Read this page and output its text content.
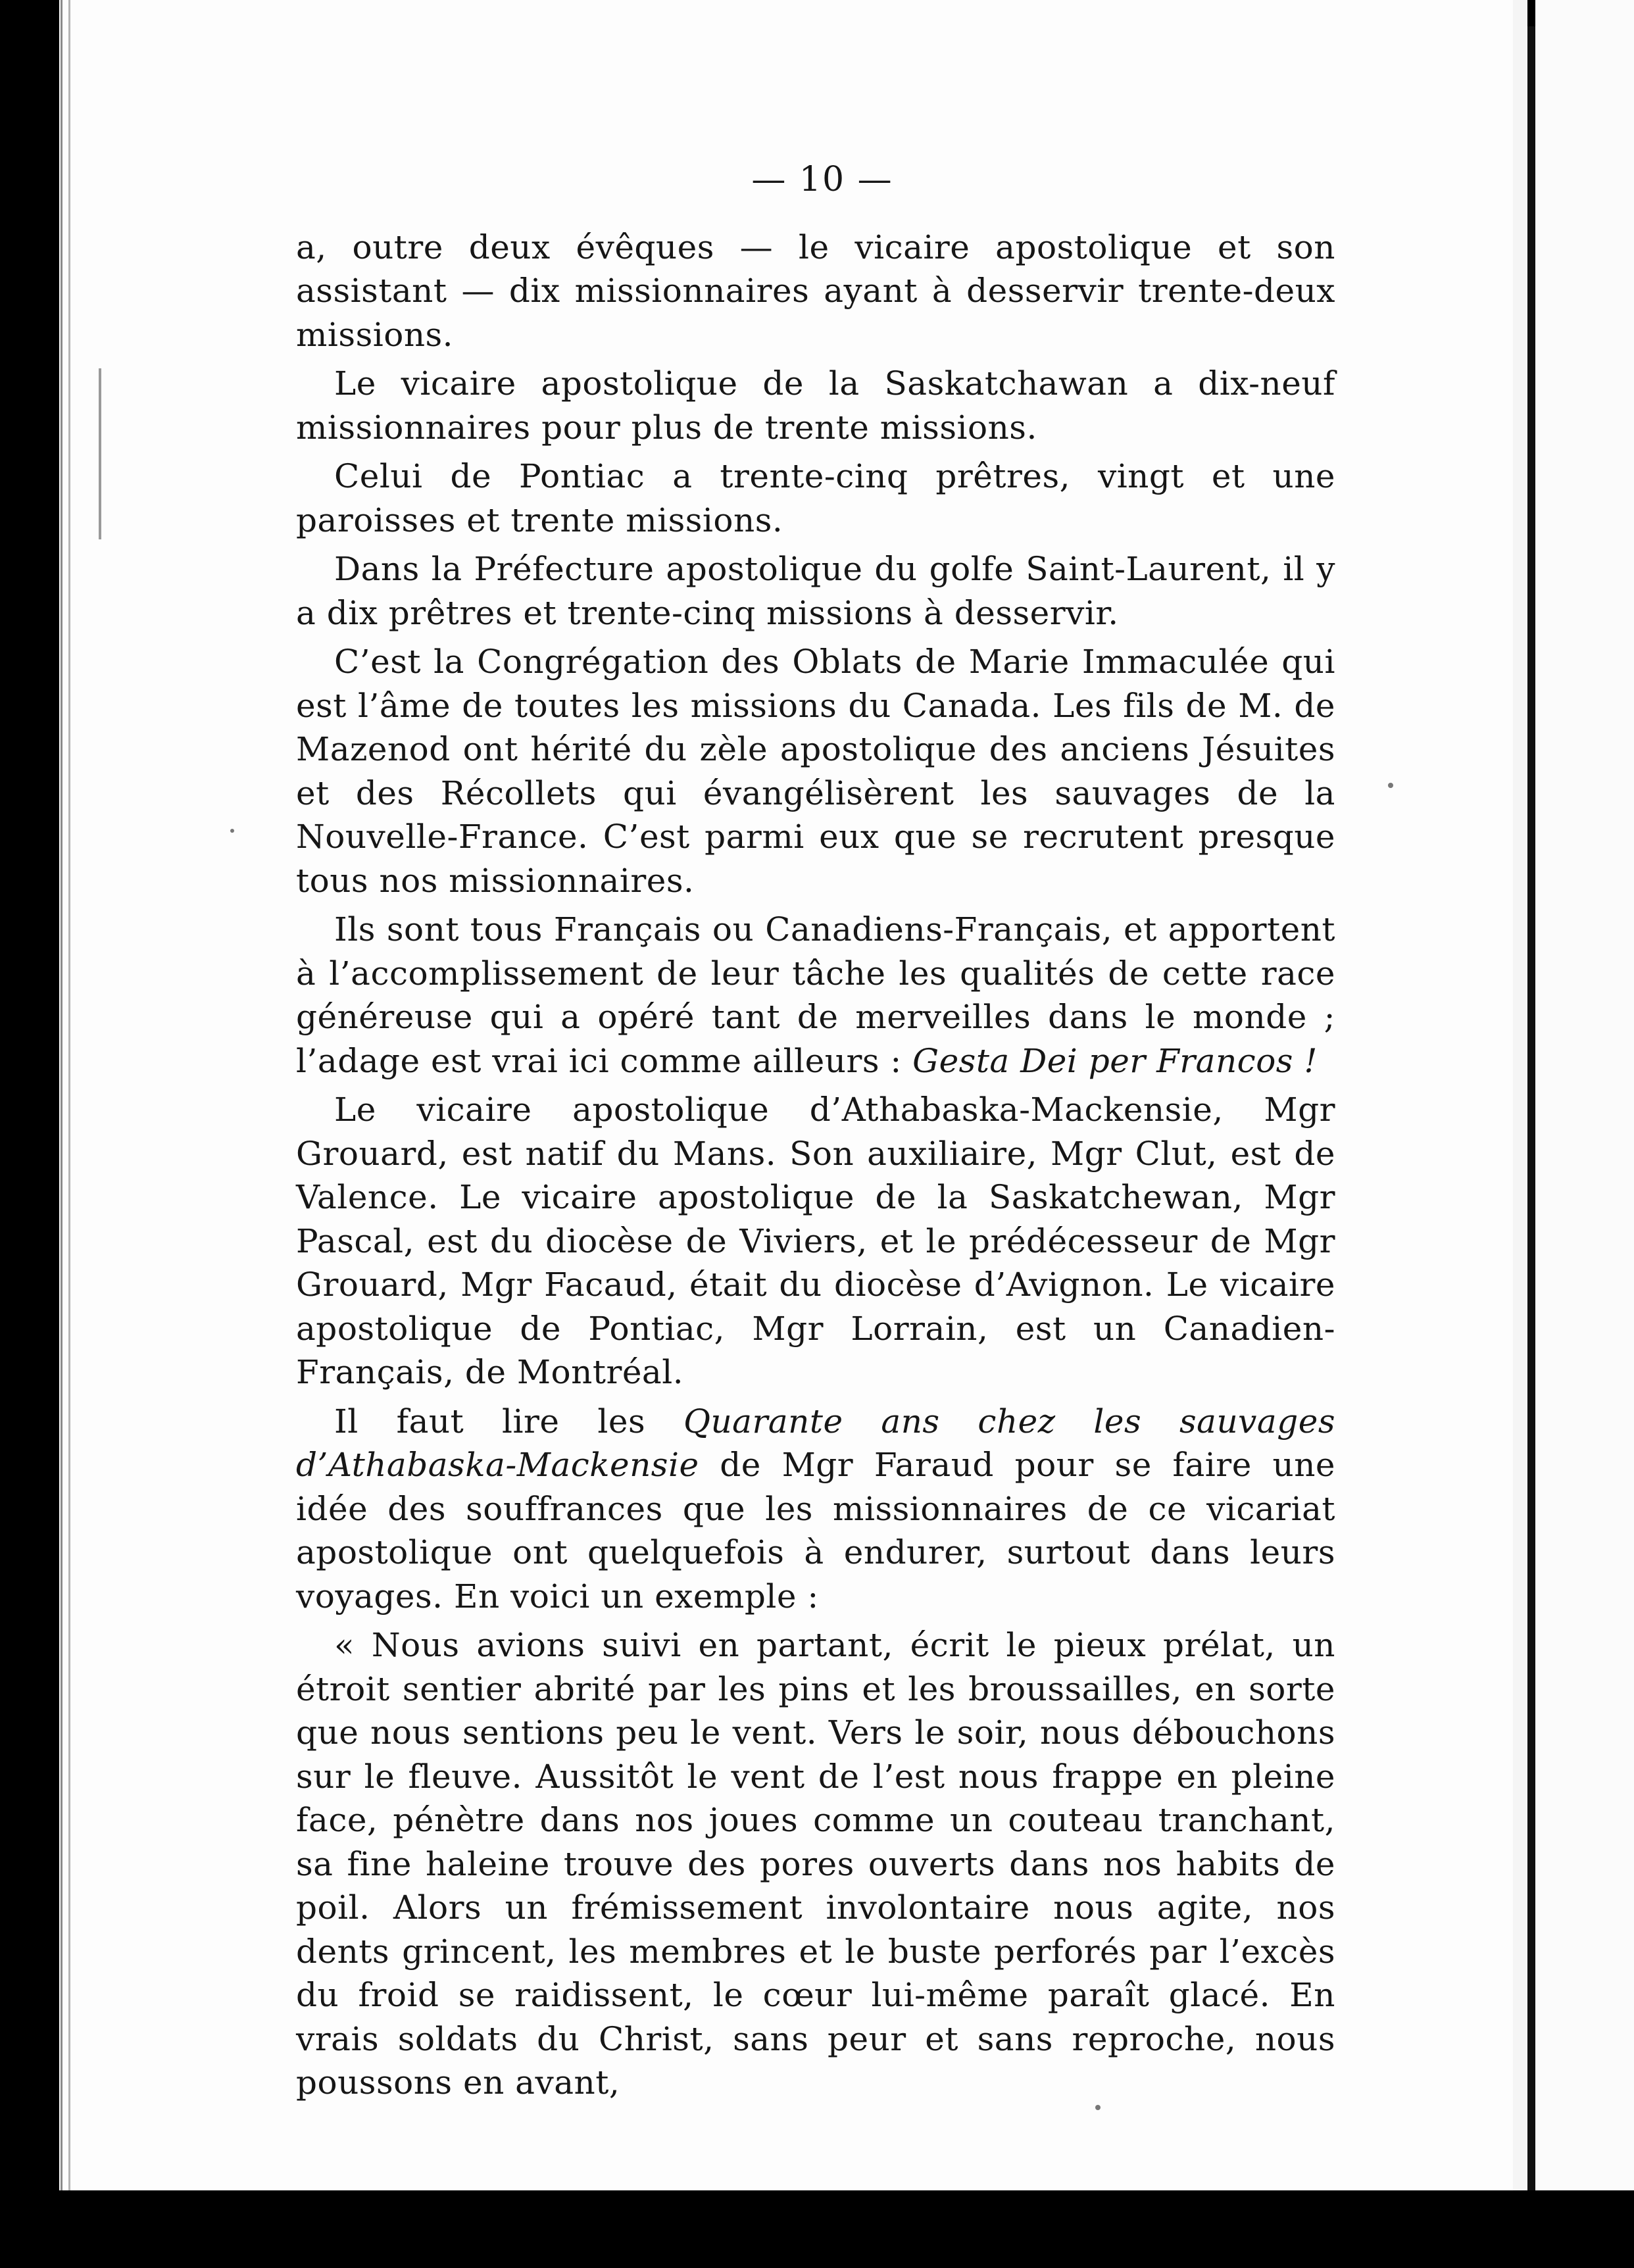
— 10 —

a, outre deux évêques — le vicaire apostolique et son assistant — dix missionnaires ayant à desservir trente-deux missions.

Le vicaire apostolique de la Saskatchawan a dix-neuf missionnaires pour plus de trente missions.

Celui de Pontiac a trente-cinq prêtres, vingt et une paroisses et trente missions.

Dans la Préfecture apostolique du golfe Saint-Laurent, il y a dix prêtres et trente-cinq missions à desservir.

C’est la Congrégation des Oblats de Marie Immaculée qui est l’âme de toutes les missions du Canada. Les fils de M. de Mazenod ont hérité du zèle apostolique des anciens Jésuites et des Récollets qui évangélisèrent les sauvages de la Nouvelle-France. C’est parmi eux que se recrutent presque tous nos missionnaires.

Ils sont tous Français ou Canadiens-Français, et apportent à l’accomplissement de leur tâche les qualités de cette race généreuse qui a opéré tant de merveilles dans le monde ; l’adage est vrai ici comme ailleurs : Gesta Dei per Francos !

Le vicaire apostolique d’Athabaska-Mackensie, Mgr Grouard, est natif du Mans. Son auxiliaire, Mgr Clut, est de Valence. Le vicaire apostolique de la Saskatchewan, Mgr Pascal, est du diocèse de Viviers, et le prédécesseur de Mgr Grouard, Mgr Facaud, était du diocèse d’Avignon. Le vicaire apostolique de Pontiac, Mgr Lorrain, est un Canadien-Français, de Montréal.

Il faut lire les Quarante ans chez les sauvages d’Athabaska-Mackensie de Mgr Faraud pour se faire une idée des souffrances que les missionnaires de ce vicariat apostolique ont quelquefois à endurer, surtout dans leurs voyages. En voici un exemple :

« Nous avions suivi en partant, écrit le pieux prélat, un étroit sentier abrité par les pins et les broussailles, en sorte que nous sentions peu le vent. Vers le soir, nous débouchons sur le fleuve. Aussitôt le vent de l’est nous frappe en pleine face, pénètre dans nos joues comme un couteau tranchant, sa fine haleine trouve des pores ouverts dans nos habits de poil. Alors un frémissement involontaire nous agite, nos dents grincent, les membres et le buste perforés par l’excès du froid se raidissent, le cœur lui-même paraît glacé. En vrais soldats du Christ, sans peur et sans reproche, nous poussons en avant,
